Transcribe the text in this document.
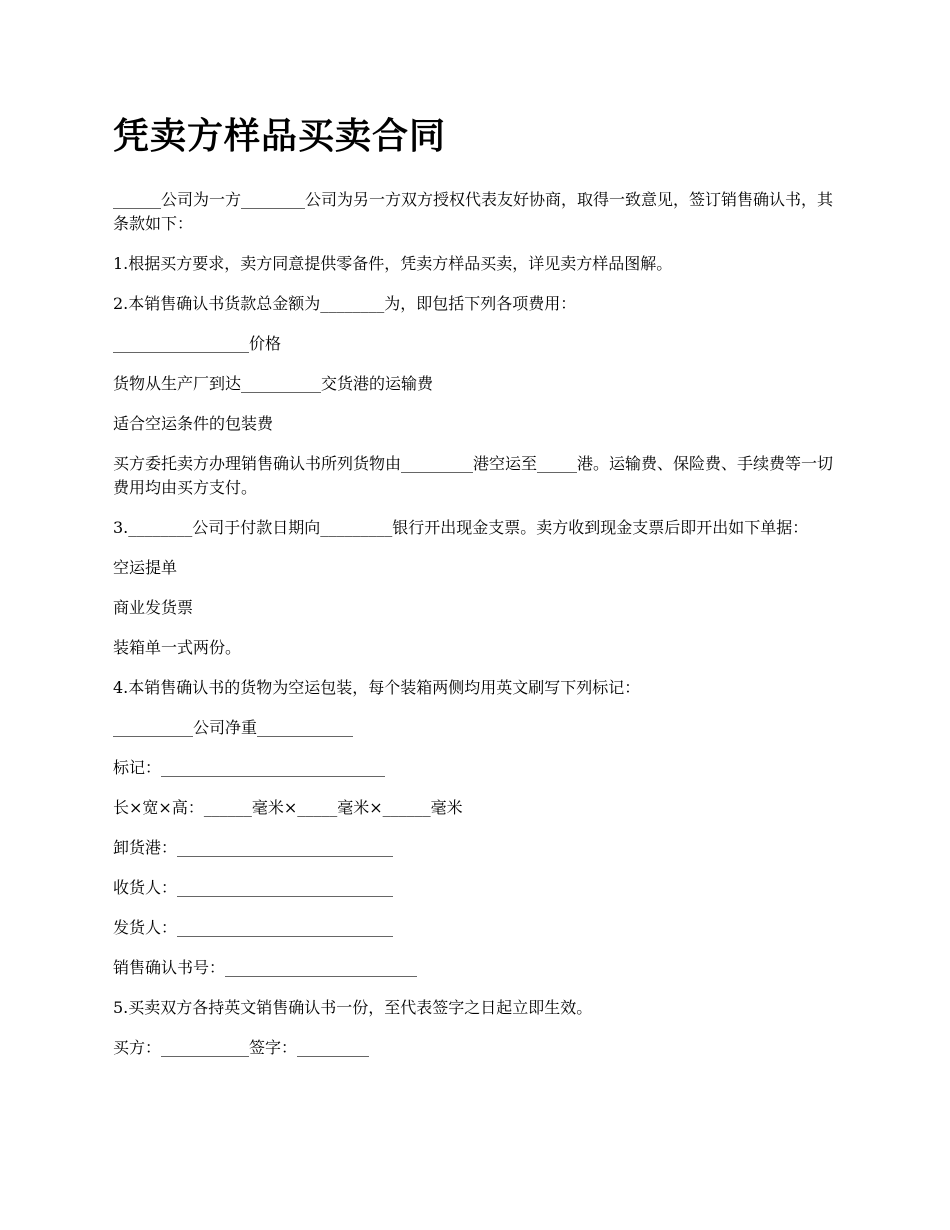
凭卖方样品买卖合同

______公司为一方________公司为另一方双方授权代表友好协商，取得一致意见，签订销售确认书，其条款如下：

1.根据买方要求，卖方同意提供零备件，凭卖方样品买卖，详见卖方样品图解。

2.本销售确认书货款总金额为________为，即包括下列各项费用：

_________________价格

货物从生产厂到达__________交货港的运输费

适合空运条件的包装费

买方委托卖方办理销售确认书所列货物由_________港空运至_____港。运输费、保险费、手续费等一切费用均由买方支付。

3.________公司于付款日期向_________银行开出现金支票。卖方收到现金支票后即开出如下单据：

空运提单

商业发货票

装箱单一式两份。

4.本销售确认书的货物为空运包装，每个装箱两侧均用英文刷写下列标记：

__________公司净重____________

标记：____________________________

长×宽×高：______毫米×_____毫米×______毫米

卸货港：___________________________

收货人：___________________________

发货人：___________________________

销售确认书号：________________________

5.买卖双方各持英文销售确认书一份，至代表签字之日起立即生效。

买方：___________签字：_________
